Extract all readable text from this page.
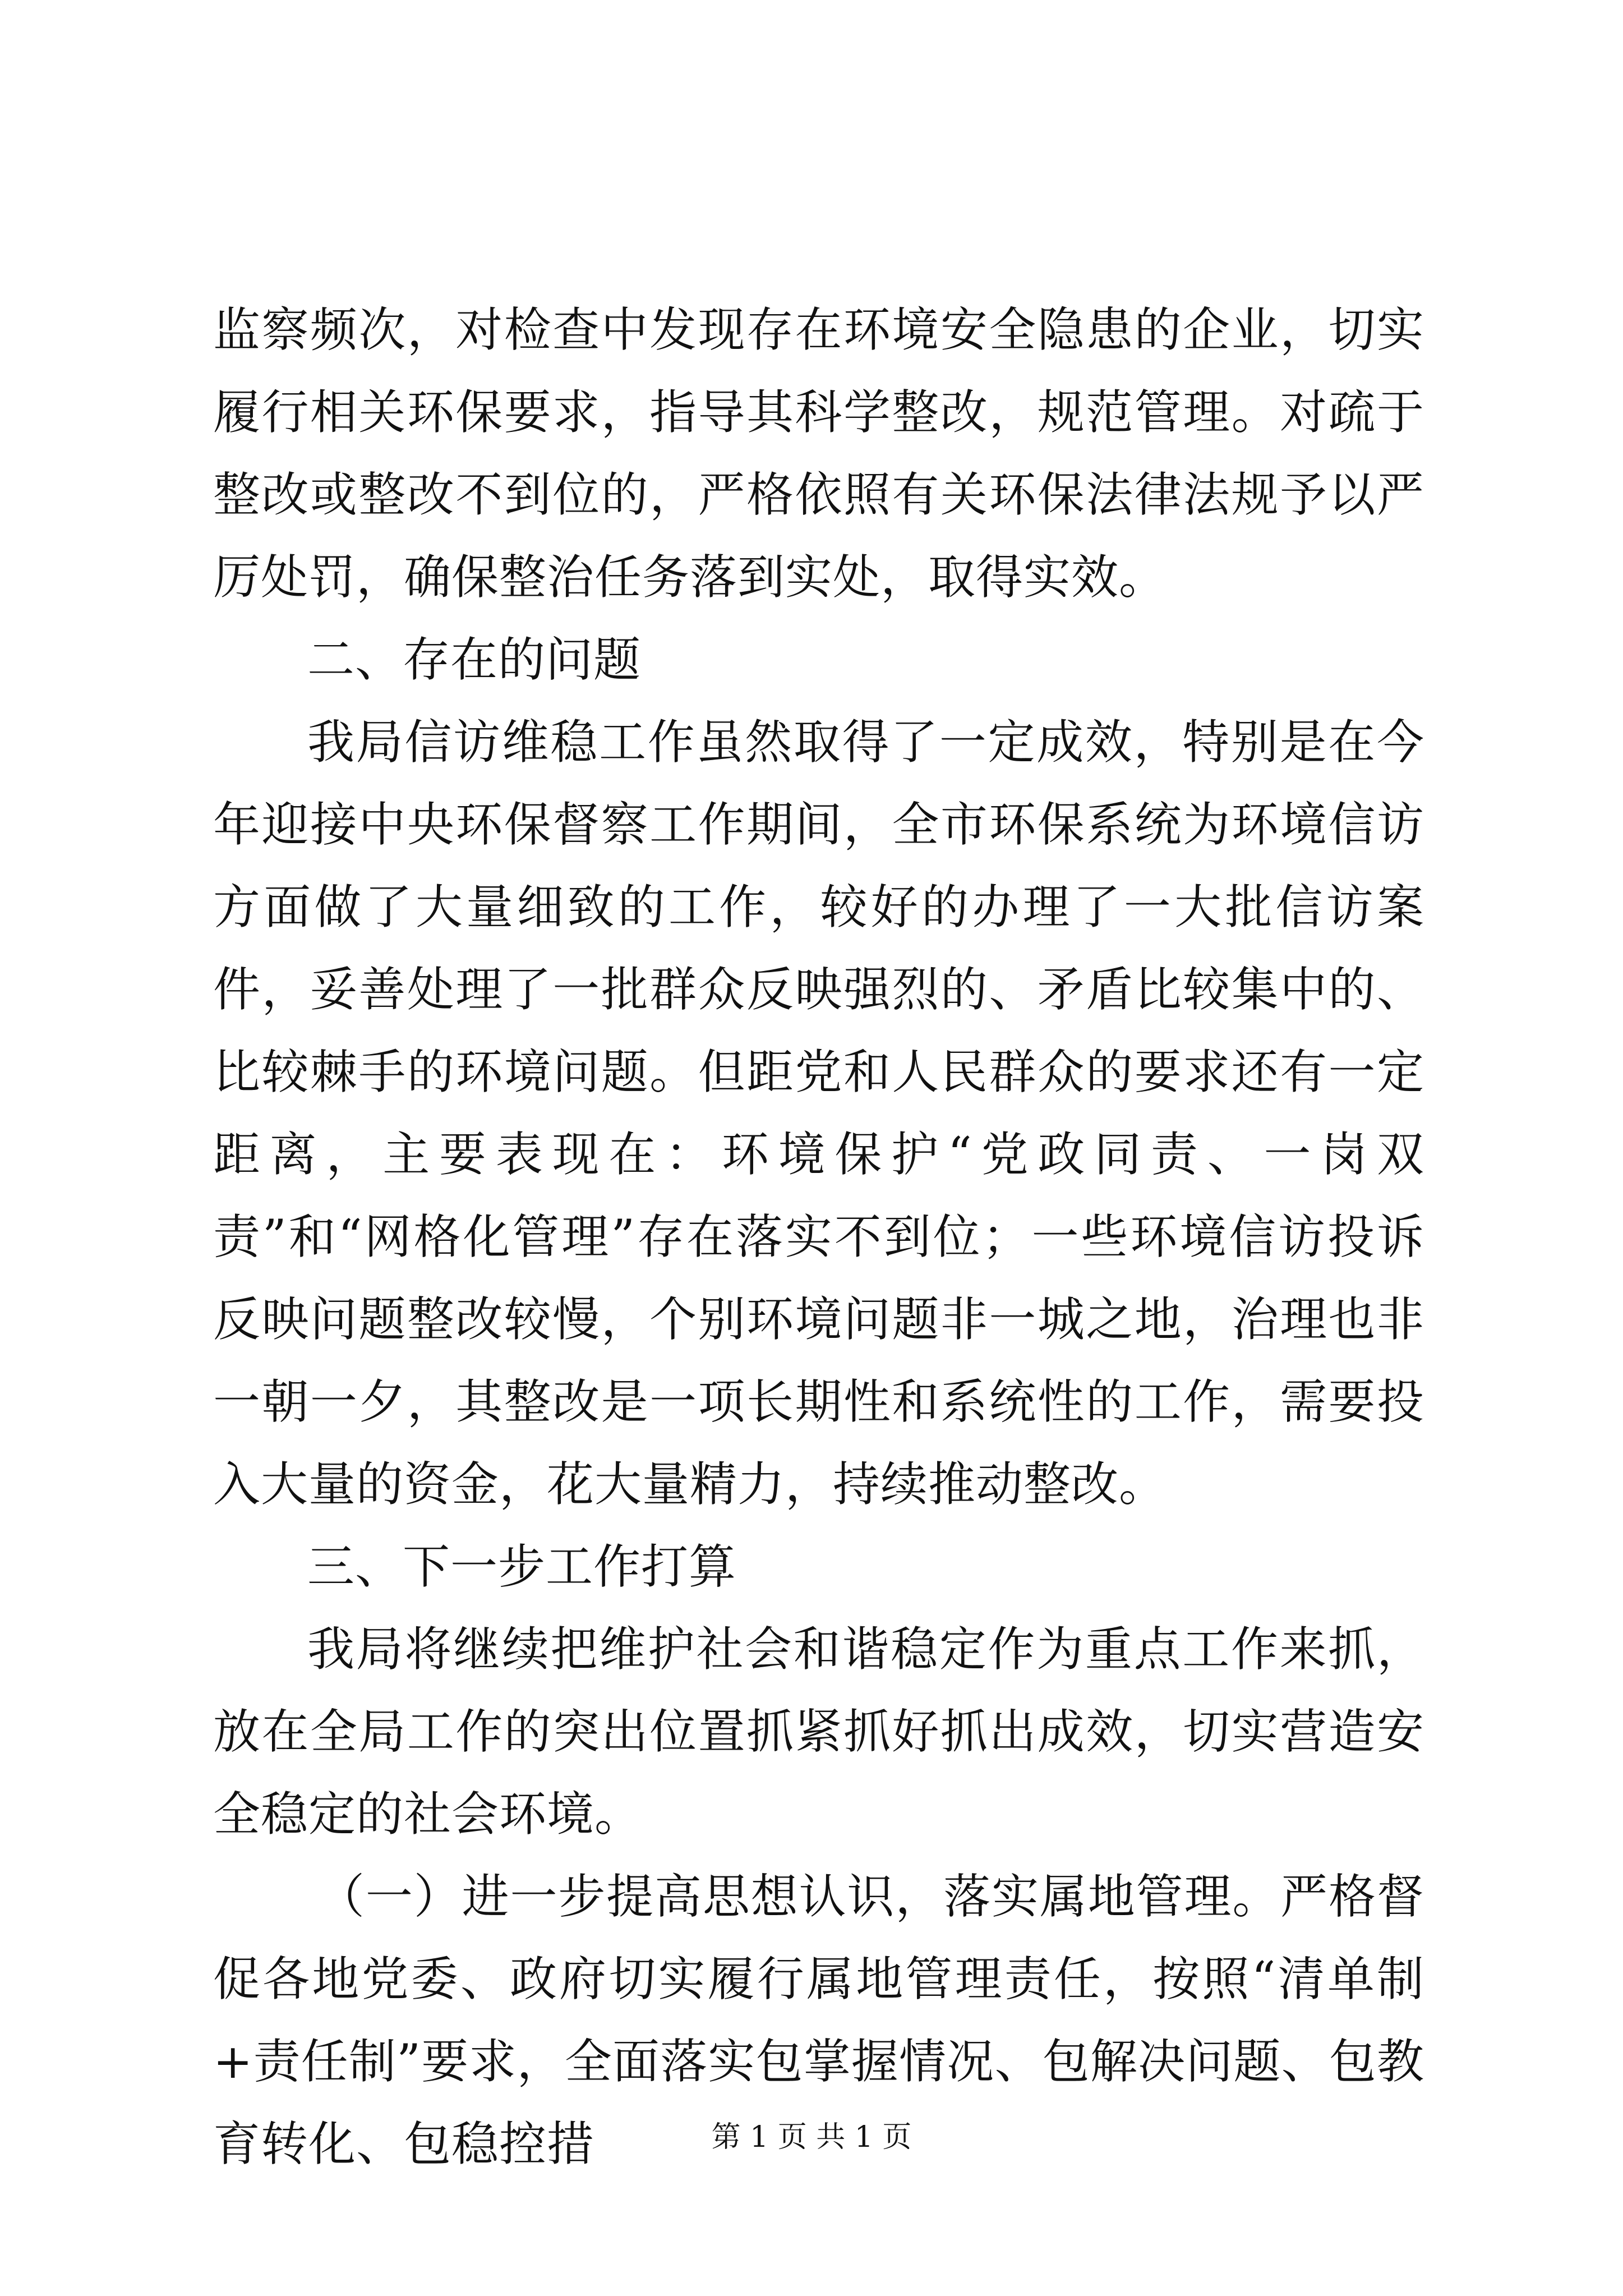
监察频次，对检查中发现存在环境安全隐患的企业，切实履行相关环保要求，指导其科学整改，规范管理。对疏于整改或整改不到位的，严格依照有关环保法律法规予以严厉处罚，确保整治任务落到实处，取得实效。

二、存在的问题

我局信访维稳工作虽然取得了一定成效，特别是在今年迎接中央环保督察工作期间，全市环保系统为环境信访方面做了大量细致的工作，较好的办理了一大批信访案件，妥善处理了一批群众反映强烈的、矛盾比较集中的、比较棘手的环境问题。但距党和人民群众的要求还有一定距离，主要表现在：环境保护“党政同责、一岗双责”和“网格化管理”存在落实不到位；一些环境信访投诉反映问题整改较慢，个别环境问题非一城之地，治理也非一朝一夕，其整改是一项长期性和系统性的工作，需要投入大量的资金，花大量精力，持续推动整改。

三、下一步工作打算

我局将继续把维护社会和谐稳定作为重点工作来抓，放在全局工作的突出位置抓紧抓好抓出成效，切实营造安全稳定的社会环境。

（一）进一步提高思想认识，落实属地管理。严格督促各地党委、政府切实履行属地管理责任，按照“清单制+责任制”要求，全面落实包掌握情况、包解决问题、包教育转化、包稳控措	第 1 页 共 1 页
